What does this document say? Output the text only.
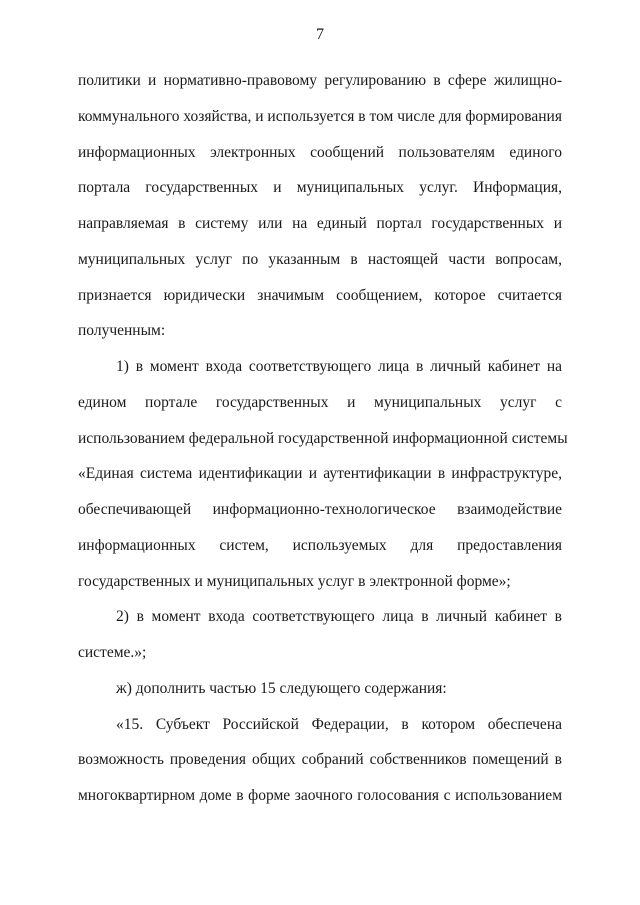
7
политики и нормативно-правовому регулированию в сфере жилищно-
коммунального хозяйства, и используется в том числе для формирования
информационных электронных сообщений пользователям единого
портала государственных и муниципальных услуг. Информация,
направляемая в систему или на единый портал государственных и
муниципальных услуг по указанным в настоящей части вопросам,
признается юридически значимым сообщением, которое считается
полученным:
1) в момент входа соответствующего лица в личный кабинет на
едином портале государственных и муниципальных услуг с
использованием федеральной государственной информационной системы
«Единая система идентификации и аутентификации в инфраструктуре,
обеспечивающей информационно-технологическое взаимодействие
информационных систем, используемых для предоставления
государственных и муниципальных услуг в электронной форме»;
2) в момент входа соответствующего лица в личный кабинет в
системе.»;
ж) дополнить частью 15 следующего содержания:
«15. Субъект Российской Федерации, в котором обеспечена
возможность проведения общих собраний собственников помещений в
многоквартирном доме в форме заочного голосования с использованием
